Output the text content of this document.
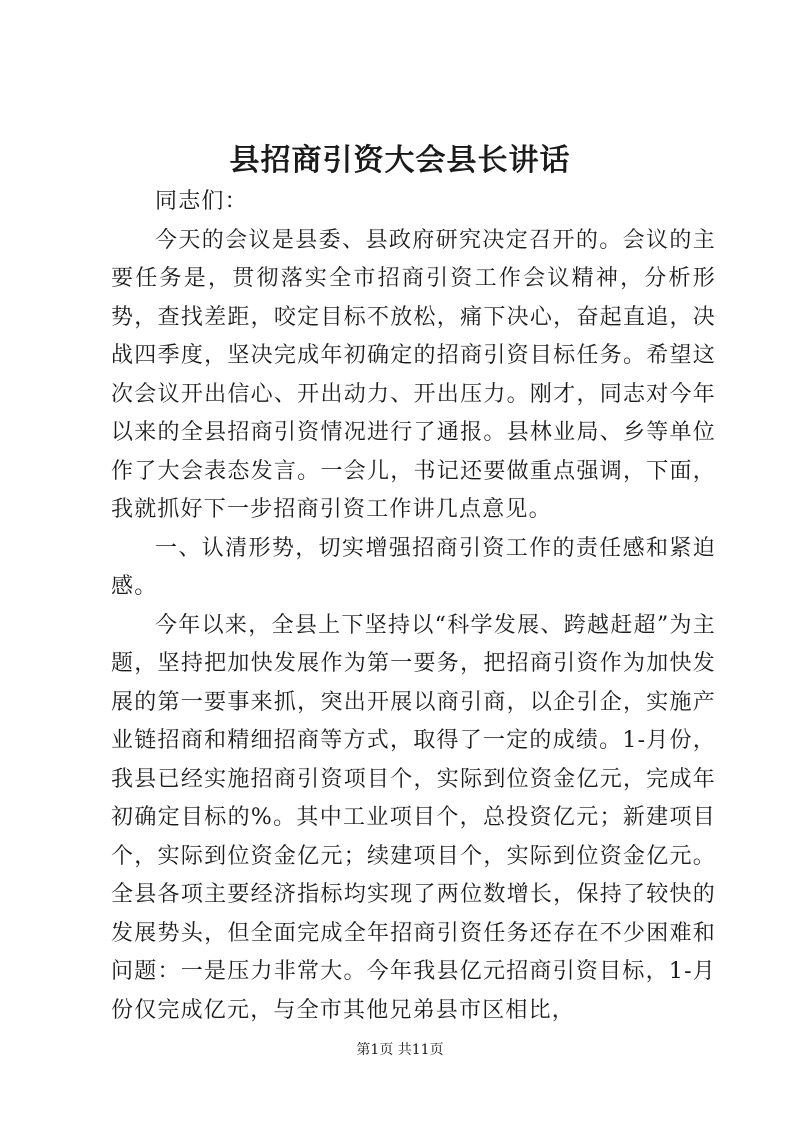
县招商引资大会县长讲话

同志们：

今天的会议是县委、县政府研究决定召开的。会议的主要任务是，贯彻落实全市招商引资工作会议精神，分析形势，查找差距，咬定目标不放松，痛下决心，奋起直追，决战四季度，坚决完成年初确定的招商引资目标任务。希望这次会议开出信心、开出动力、开出压力。刚才，同志对今年以来的全县招商引资情况进行了通报。县林业局、乡等单位作了大会表态发言。一会儿，书记还要做重点强调，下面，我就抓好下一步招商引资工作讲几点意见。

一、认清形势，切实增强招商引资工作的责任感和紧迫感。

今年以来，全县上下坚持以“科学发展、跨越赶超”为主题，坚持把加快发展作为第一要务，把招商引资作为加快发展的第一要事来抓，突出开展以商引商，以企引企，实施产业链招商和精细招商等方式，取得了一定的成绩。1-月份，我县已经实施招商引资项目个，实际到位资金亿元，完成年初确定目标的%。其中工业项目个，总投资亿元；新建项目个，实际到位资金亿元；续建项目个，实际到位资金亿元。全县各项主要经济指标均实现了两位数增长，保持了较快的发展势头，但全面完成全年招商引资任务还存在不少困难和问题：一是压力非常大。今年我县亿元招商引资目标，1-月份仅完成亿元，与全市其他兄弟县市区相比，

第1页 共11页
